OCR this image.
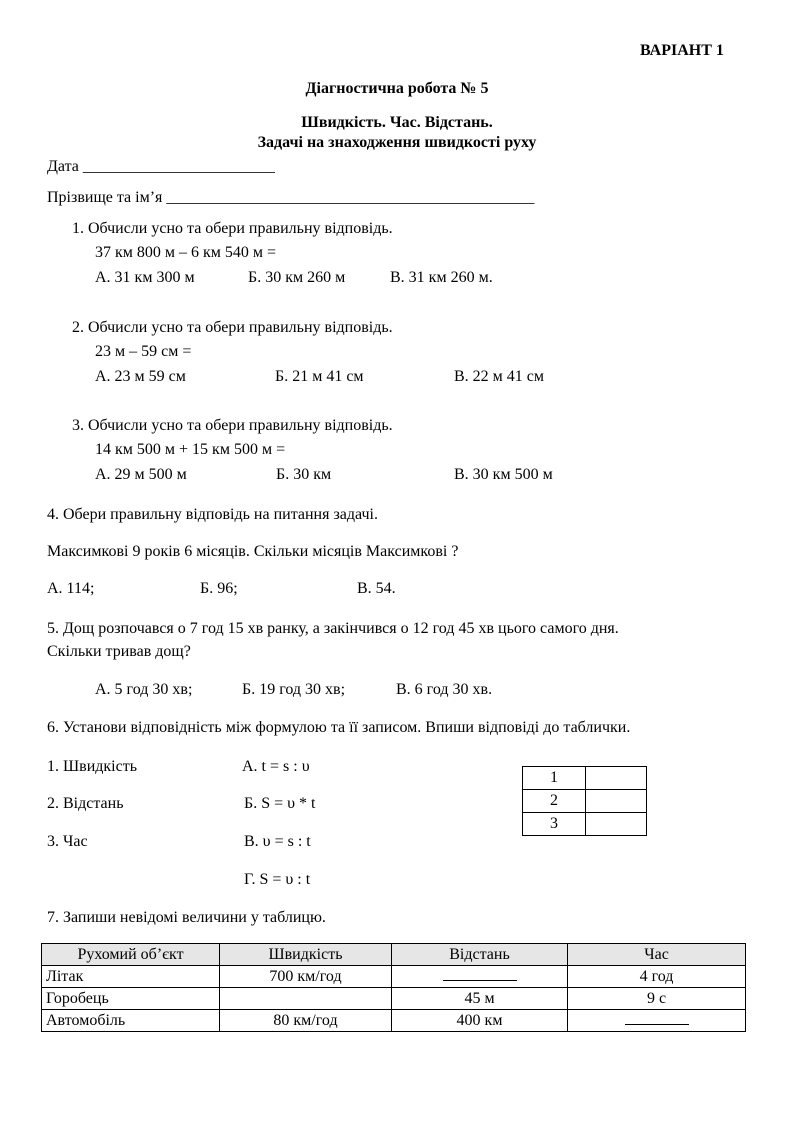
ВАРІАНТ 1
Діагностична робота № 5
Швидкість. Час. Відстань.
Задачі на знаходження швидкості руху
Дата ________________________
Прізвище та ім’я ______________________________________________
1. Обчисли усно та обери правильну відповідь.
37 км 800 м – 6 км 540 м =
А. 31 км 300 м	Б. 30 км 260 м	В. 31 км 260 м.
2. Обчисли усно та обери правильну відповідь.
23 м – 59 см =
А. 23 м 59 см	Б. 21 м 41 см	В. 22 м 41 см
3. Обчисли усно та обери правильну відповідь.
14 км 500 м + 15 км 500 м =
А. 29 м 500 м	Б. 30 км	В. 30 км 500 м
4. Обери правильну відповідь на питання задачі.
Максимкові 9 років 6 місяців. Скільки місяців Максимкові ?
А. 114;	Б. 96;	В. 54.
5. Дощ розпочався о 7 год 15 хв ранку, а закінчився о 12 год 45 хв цього самого дня.
Скільки тривав дощ?
А. 5 год 30 хв;	Б. 19 год 30 хв;	В. 6 год 30 хв.
6. Установи відповідність між формулою та її записом. Впиши відповіді до таблички.
1. Швидкість
2. Відстань
3. Час
А. t = s : υ
Б. S = υ * t
В. υ = s : t
Г. S = υ : t
1	
2	
3	
7. Запиши невідомі величини у таблицю.
Рухомий об’єкт	Швидкість	Відстань	Час
Літак	700 км/год		4 год
Горобець		45 м	9 с
Автомобіль	80 км/год	400 км	
